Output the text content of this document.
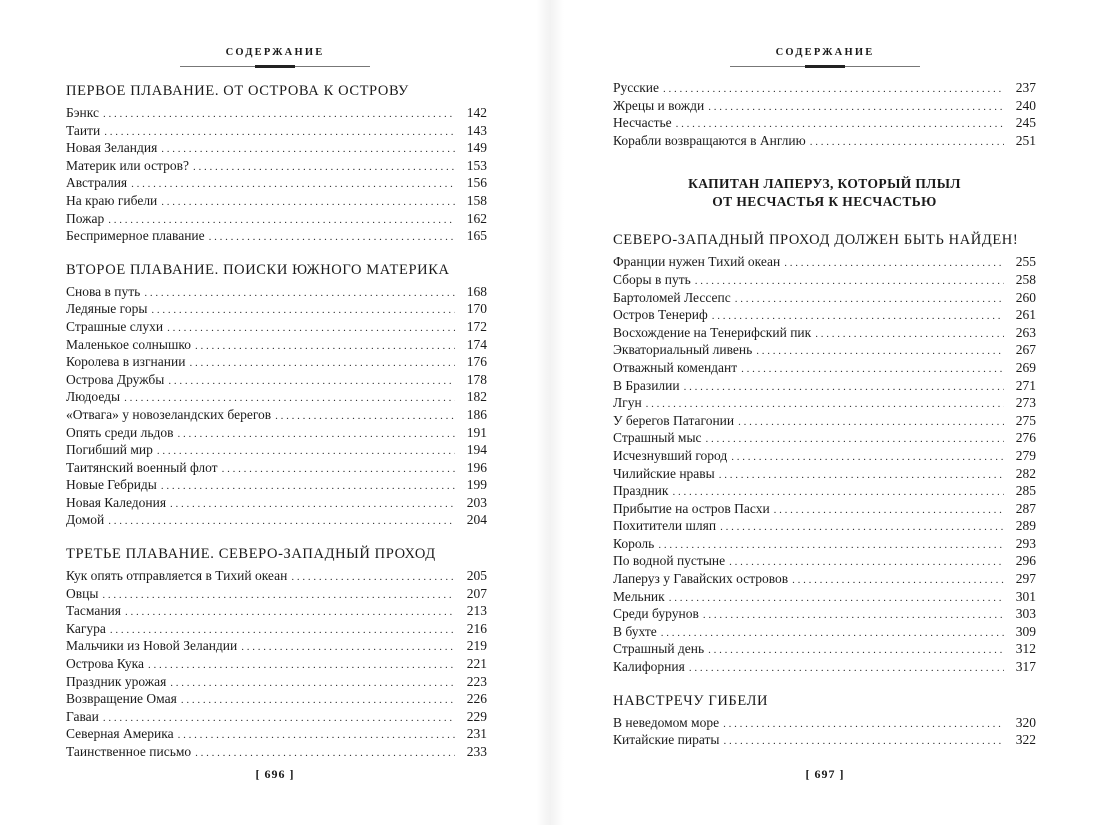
СОДЕРЖАНИЕ
ПЕРВОЕ ПЛАВАНИЕ. ОТ ОСТРОВА К ОСТРОВУ
Бэнкс . . .	142
Таити . . .	143
Новая Зеландия . . .	149
Материк или остров? . . .	153
Австралия . . .	156
На краю гибели . . .	158
Пожар . . .	162
Беспримерное плавание . . .	165
ВТОРОЕ ПЛАВАНИЕ. ПОИСКИ ЮЖНОГО МАТЕРИКА
Снова в путь . . .	168
Ледяные горы . . .	170
Страшные слухи . . .	172
Маленькое солнышко . . .	174
Королева в изгнании . . .	176
Острова Дружбы . . .	178
Людоеды . . .	182
«Отвага» у новозеландских берегов . . .	186
Опять среди льдов . . .	191
Погибший мир . . .	194
Таитянский военный флот . . .	196
Новые Гебриды . . .	199
Новая Каледония . . .	203
Домой . . .	204
ТРЕТЬЕ ПЛАВАНИЕ. СЕВЕРО-ЗАПАДНЫЙ ПРОХОД
Кук опять отправляется в Тихий океан . . .	205
Овцы . . .	207
Тасмания . . .	213
Кагура . . .	216
Мальчики из Новой Зеландии . . .	219
Острова Кука . . .	221
Праздник урожая . . .	223
Возвращение Омая . . .	226
Гаваи . . .	229
Северная Америка . . .	231
Таинственное письмо . . .	233
[ 696 ]
СОДЕРЖАНИЕ
Русские . . .	237
Жрецы и вожди . . .	240
Несчастье . . .	245
Корабли возвращаются в Англию . . .	251
КАПИТАН ЛАПЕРУЗ, КОТОРЫЙ ПЛЫЛ
ОТ НЕСЧАСТЬЯ К НЕСЧАСТЬЮ
СЕВЕРО-ЗАПАДНЫЙ ПРОХОД ДОЛЖЕН БЫТЬ НАЙДЕН!
Франции нужен Тихий океан . . .	255
Сборы в путь . . .	258
Бартоломей Лессепс . . .	260
Остров Тенериф . . .	261
Восхождение на Тенерифский пик . . .	263
Экваториальный ливень . . .	267
Отважный комендант . . .	269
В Бразилии . . .	271
Лгун . . .	273
У берегов Патагонии . . .	275
Страшный мыс . . .	276
Исчезнувший город . . .	279
Чилийские нравы . . .	282
Праздник . . .	285
Прибытие на остров Пасхи . . .	287
Похитители шляп . . .	289
Король . . .	293
По водной пустыне . . .	296
Лаперуз у Гавайских островов . . .	297
Мельник . . .	301
Среди бурунов . . .	303
В бухте . . .	309
Страшный день . . .	312
Калифорния . . .	317
НАВСТРЕЧУ ГИБЕЛИ
В неведомом море . . .	320
Китайские пираты . . .	322
[ 697 ]
